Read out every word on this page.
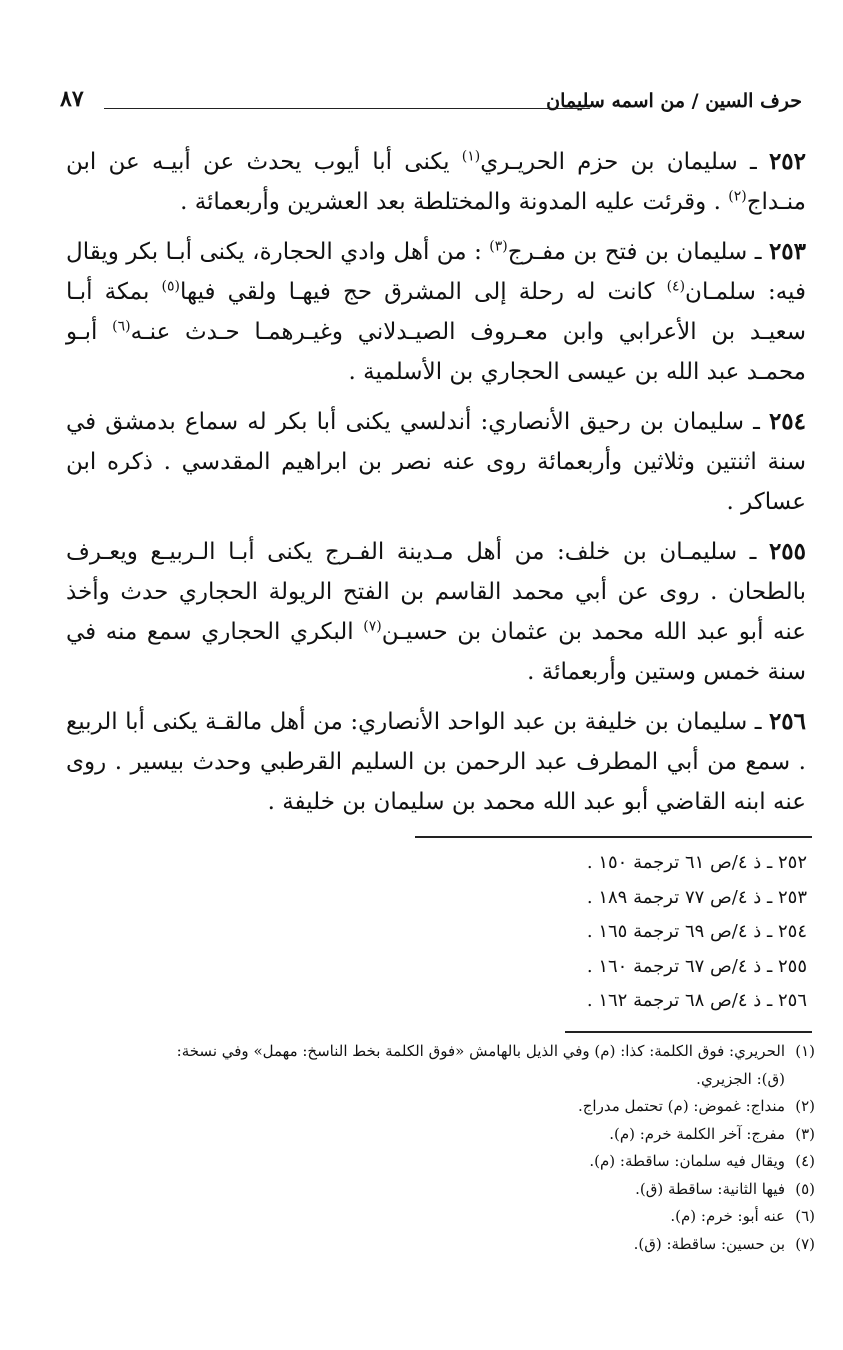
حرف السين / من اسمه سليمان
٨٧

٢٥٢ ـ سليمان بن حزم الحريـري$^{(١)}$ يكنى أبا أيوب يحدث عن أبيـه عن ابن منـداج$^{(٢)}$ . وقرئت عليه المدونة والمختلطة بعد العشرين وأربعمائة .

٢٥٣ ـ سليمان بن فتح بن مفـرج$^{(٣)}$ : من أهل وادي الحجارة، يكنى أبـا بكر ويقال فيه: سلمـان$^{(٤)}$ كانت له رحلة إلى المشرق حج فيهـا ولقي فيها$^{(٥)}$ بمكة أبـا سعيـد بن الأعرابي وابن معـروف الصيـدلاني وغيـرهمـا حـدث عنـه$^{(٦)}$ أبـو محمـد عبد الله بن عيسى الحجاري بن الأسلمية .

٢٥٤ ـ سليمان بن رحيق الأنصاري: أندلسي يكنى أبا بكر له سماع بدمشق في سنة اثنتين وثلاثين وأربعمائة روى عنه نصر بن ابراهيم المقدسي . ذكره ابن عساكر .

٢٥٥ ـ سليمـان بن خلف: من أهل مـدينة الفـرج يكنى أبـا الـربيـع ويعـرف بالطحان . روى عن أبي محمد القاسم بن الفتح الريولة الحجاري حدث وأخذ عنه أبو عبد الله محمد بن عثمان بن حسيـن$^{(٧)}$ البكري الحجاري سمع منه في سنة خمس وستين وأربعمائة .

٢٥٦ ـ سليمان بن خليفة بن عبد الواحد الأنصاري: من أهل مالقـة يكنى أبا الربيع . سمع من أبي المطرف عبد الرحمن بن السليم القرطبي وحدث بيسير . روى عنه ابنه القاضي أبو عبد الله محمد بن سليمان بن خليفة .

٢٥٢ ـ ذ ٤/ص ٦١ ترجمة ١٥٠ .
٢٥٣ ـ ذ ٤/ص ٧٧ ترجمة ١٨٩ .
٢٥٤ ـ ذ ٤/ص ٦٩ ترجمة ١٦٥ .
٢٥٥ ـ ذ ٤/ص ٦٧ ترجمة ١٦٠ .
٢٥٦ ـ ذ ٤/ص ٦٨ ترجمة ١٦٢ .
(١)الحريري: فوق الكلمة: كذا: (م) وفي الذيل بالهامش «فوق الكلمة بخط الناسخ: مهمل» وفي نسخة:
(ق): الجزيري.
(٢)منداج: غموض: (م) تحتمل مدراج.
(٣)مفرج: آخر الكلمة خرم: (م).
(٤)ويقال فيه سلمان: ساقطة: (م).
(٥)فيها الثانية: ساقطة (ق).
(٦)عنه أبو: خرم: (م).
(٧)بن حسين: ساقطة: (ق).
